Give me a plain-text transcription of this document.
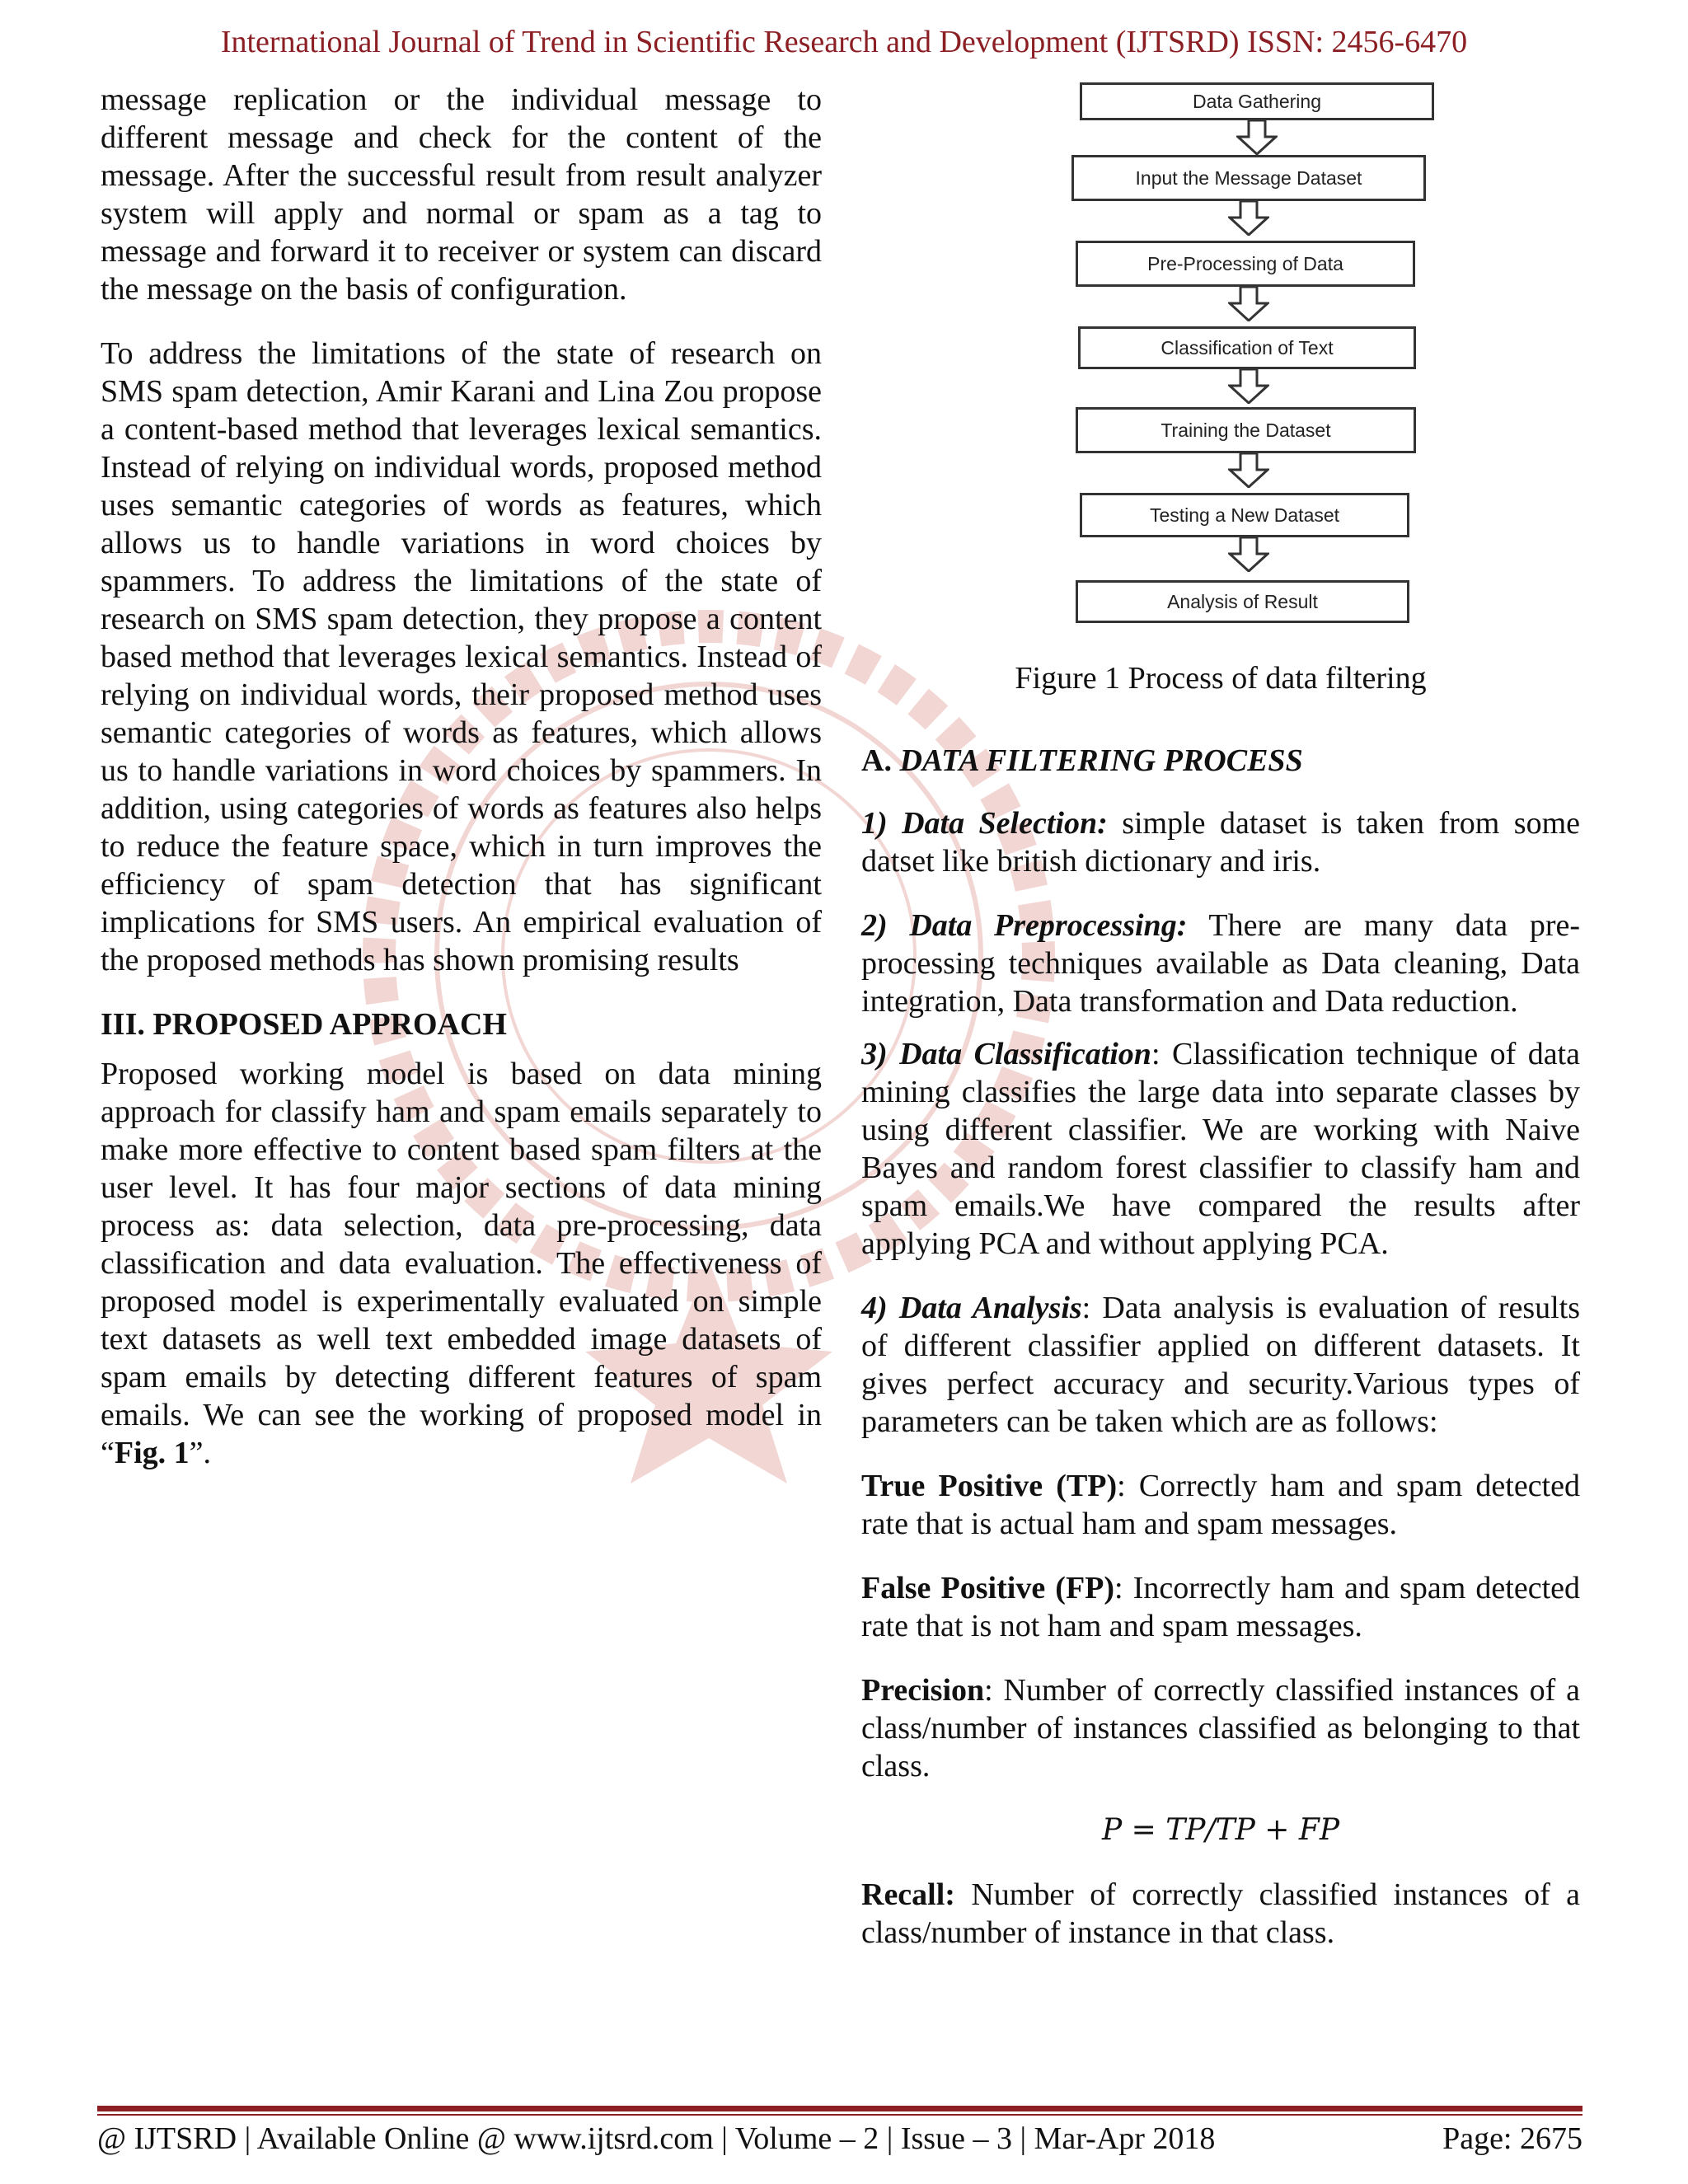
International Journal of Trend in Scientific Research and Development (IJTSRD) ISSN: 2456-6470

message replication or the individual message to different message and check for the content of the message. After the successful result from result analyzer system will apply and normal or spam as a tag to message and forward it to receiver or system can discard the message on the basis of configuration.

To address the limitations of the state of research on SMS spam detection, Amir Karani and Lina Zou propose a content-based method that leverages lexical semantics. Instead of relying on individual words, proposed method uses semantic categories of words as features, which allows us to handle variations in word choices by spammers. To address the limitations of the state of research on SMS spam detection, they propose a content based method that leverages lexical semantics. Instead of relying on individual words, their proposed method uses semantic categories of words as features, which allows us to handle variations in word choices by spammers. In addition, using categories of words as features also helps to reduce the feature space, which in turn improves the efficiency of spam detection that has significant implications for SMS users. An empirical evaluation of the proposed methods has shown promising results

III. PROPOSED APPROACH

Proposed working model is based on data mining approach for classify ham and spam emails separately to make more effective to content based spam filters at the user level. It has four major sections of data mining process as: data selection, data pre-processing, data classification and data evaluation. The effectiveness of proposed model is experimentally evaluated on simple text datasets as well text embedded image datasets of spam emails by detecting different features of spam emails. We can see the working of proposed model in “Fig. 1”.

Data Gathering
Input the Message Dataset
Pre-Processing of Data
Classification of Text
Training the Dataset
Testing a New Dataset
Analysis of Result
Figure 1 Process of data filtering
A. DATA FILTERING PROCESS

1) Data Selection: simple dataset is taken from some datset like british dictionary and iris.

2) Data Preprocessing: There are many data pre-processing techniques available as Data cleaning, Data integration, Data transformation and Data reduction.

3) Data Classification: Classification technique of data mining classifies the large data into separate classes by using different classifier. We are working with Naive Bayes and random forest classifier to classify ham and spam emails.We have compared the results after applying PCA and without applying PCA.

4) Data Analysis: Data analysis is evaluation of results of different classifier applied on different datasets. It gives perfect accuracy and security.Various types of parameters can be taken which are as follows:

True Positive (TP): Correctly ham and spam detected rate that is actual ham and spam messages.

False Positive (FP): Incorrectly ham and spam detected rate that is not ham and spam messages.

Precision: Number of correctly classified instances of a class/number of instances classified as belonging to that class.

P = TP/TP + FP

Recall: Number of correctly classified instances of a class/number of instance in that class.

@ IJTSRD | Available Online @ www.ijtsrd.com | Volume – 2 | Issue – 3 | Mar-Apr 2018	Page: 2675
